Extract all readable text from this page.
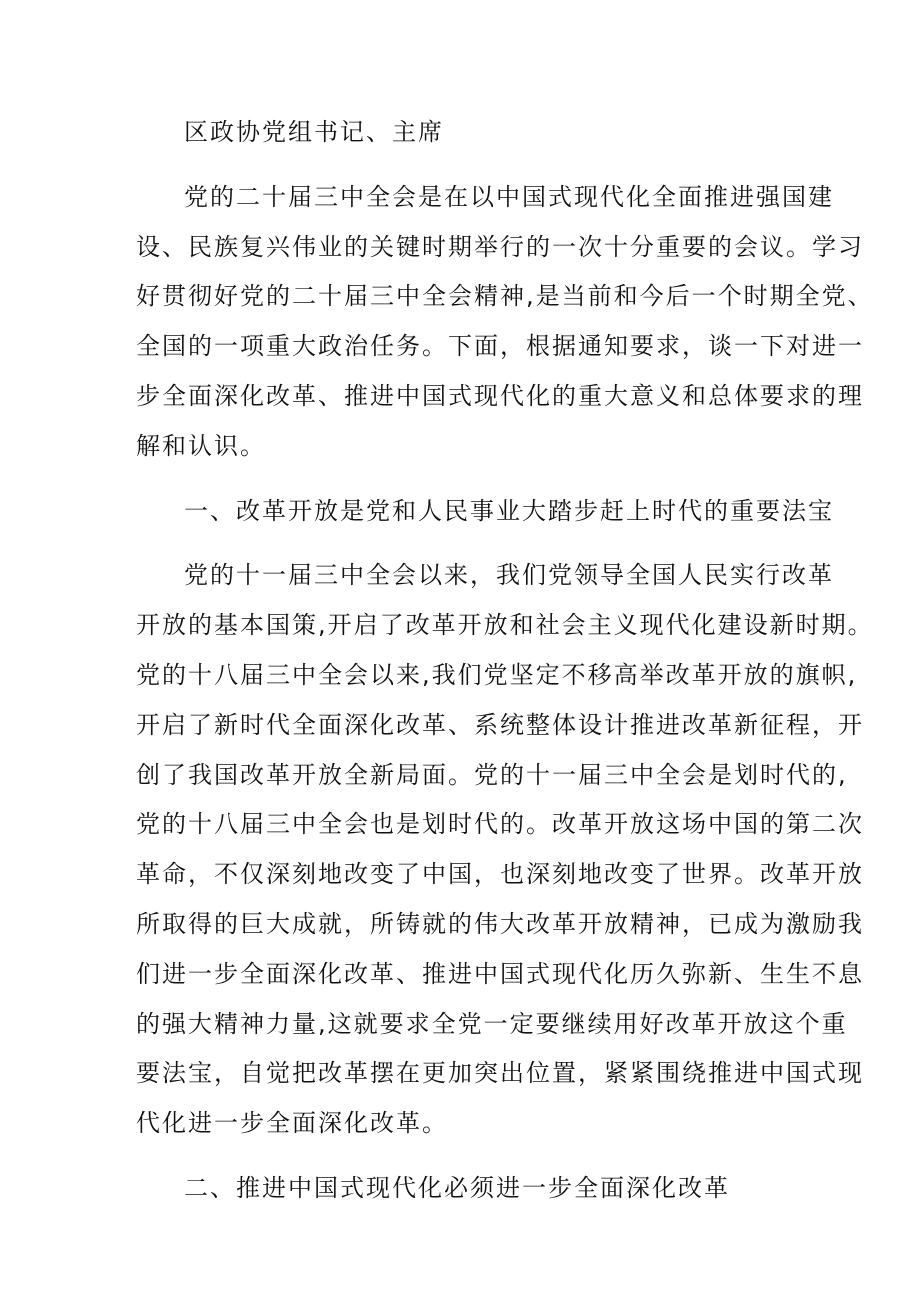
区政协党组书记、主席

党的二十届三中全会是在以中国式现代化全面推进强国建
设、民族复兴伟业的关键时期举行的一次十分重要的会议。学习
好贯彻好党的二十届三中全会精神,是当前和今后一个时期全党、
全国的一项重大政治任务。下面，根据通知要求，谈一下对进一
步全面深化改革、推进中国式现代化的重大意义和总体要求的理
解和认识。

一、改革开放是党和人民事业大踏步赶上时代的重要法宝

党的十一届三中全会以来，我们党领导全国人民实行改革
开放的基本国策,开启了改革开放和社会主义现代化建设新时期。
党的十八届三中全会以来,我们党坚定不移高举改革开放的旗帜,
开启了新时代全面深化改革、系统整体设计推进改革新征程，开
创了我国改革开放全新局面。党的十一届三中全会是划时代的,
党的十八届三中全会也是划时代的。改革开放这场中国的第二次
革命，不仅深刻地改变了中国，也深刻地改变了世界。改革开放
所取得的巨大成就，所铸就的伟大改革开放精神，已成为激励我
们进一步全面深化改革、推进中国式现代化历久弥新、生生不息
的强大精神力量,这就要求全党一定要继续用好改革开放这个重
要法宝，自觉把改革摆在更加突出位置，紧紧围绕推进中国式现
代化进一步全面深化改革。

二、推进中国式现代化必须进一步全面深化改革
